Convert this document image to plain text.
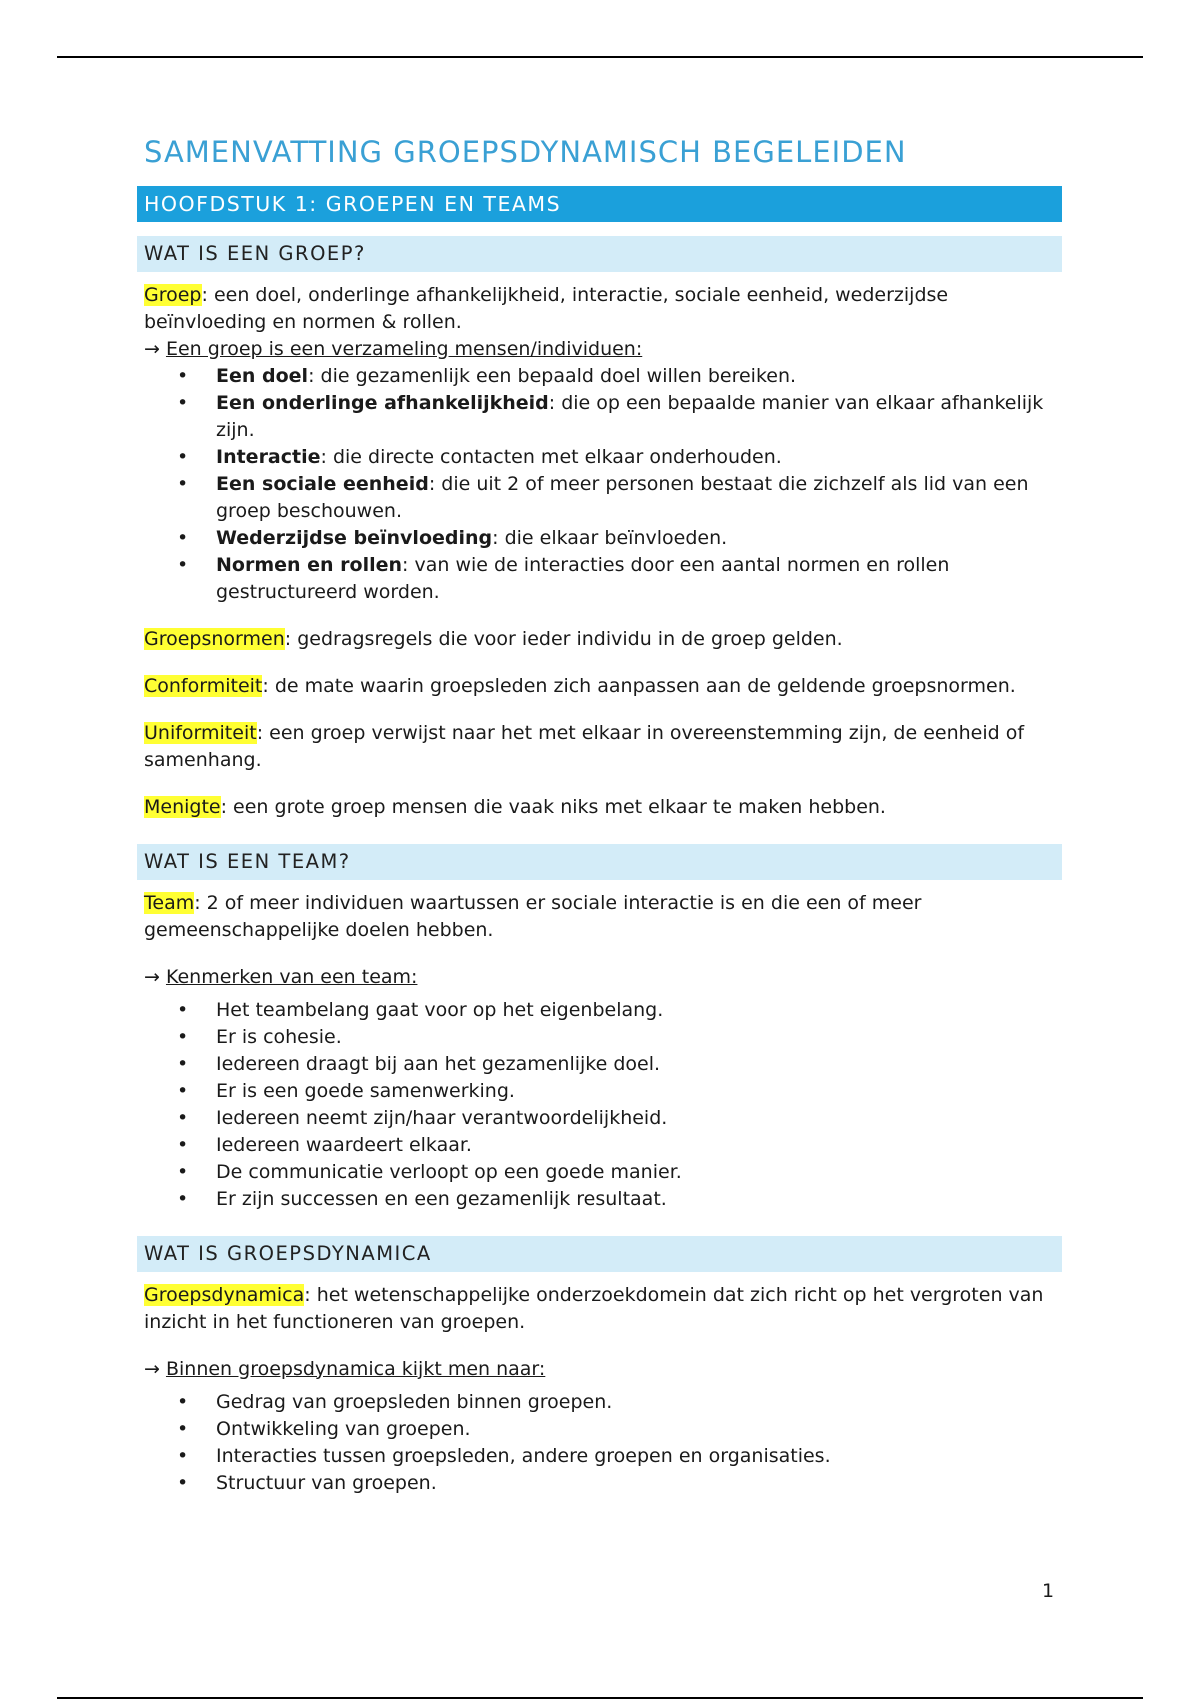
SAMENVATTING GROEPSDYNAMISCH BEGELEIDEN
HOOFDSTUK 1: GROEPEN EN TEAMS
WAT IS EEN GROEP?

Groep: een doel, onderlinge afhankelijkheid, interactie, sociale eenheid, wederzijdse beïnvloeding en normen & rollen.

→ Een groep is een verzameling mensen/individuen:

• Een doel: die gezamenlijk een bepaald doel willen bereiken.
• Een onderlinge afhankelijkheid: die op een bepaalde manier van elkaar afhankelijk zijn.
• Interactie: die directe contacten met elkaar onderhouden.
• Een sociale eenheid: die uit 2 of meer personen bestaat die zichzelf als lid van een groep beschouwen.
• Wederzijdse beïnvloeding: die elkaar beïnvloeden.
• Normen en rollen: van wie de interacties door een aantal normen en rollen gestructureerd worden.

Groepsnormen: gedragsregels die voor ieder individu in de groep gelden.

Conformiteit: de mate waarin groepsleden zich aanpassen aan de geldende groepsnormen.

Uniformiteit: een groep verwijst naar het met elkaar in overeenstemming zijn, de eenheid of samenhang.

Menigte: een grote groep mensen die vaak niks met elkaar te maken hebben.

WAT IS EEN TEAM?

Team: 2 of meer individuen waartussen er sociale interactie is en die een of meer gemeenschappelijke doelen hebben.

→ Kenmerken van een team:

• Het teambelang gaat voor op het eigenbelang.
• Er is cohesie.
• Iedereen draagt bij aan het gezamenlijke doel.
• Er is een goede samenwerking.
• Iedereen neemt zijn/haar verantwoordelijkheid.
• Iedereen waardeert elkaar.
• De communicatie verloopt op een goede manier.
• Er zijn successen en een gezamenlijk resultaat.
WAT IS GROEPSDYNAMICA

Groepsdynamica: het wetenschappelijke onderzoekdomein dat zich richt op het vergroten van inzicht in het functioneren van groepen.

→ Binnen groepsdynamica kijkt men naar:

• Gedrag van groepsleden binnen groepen.
• Ontwikkeling van groepen.
• Interacties tussen groepsleden, andere groepen en organisaties.
• Structuur van groepen.
1
